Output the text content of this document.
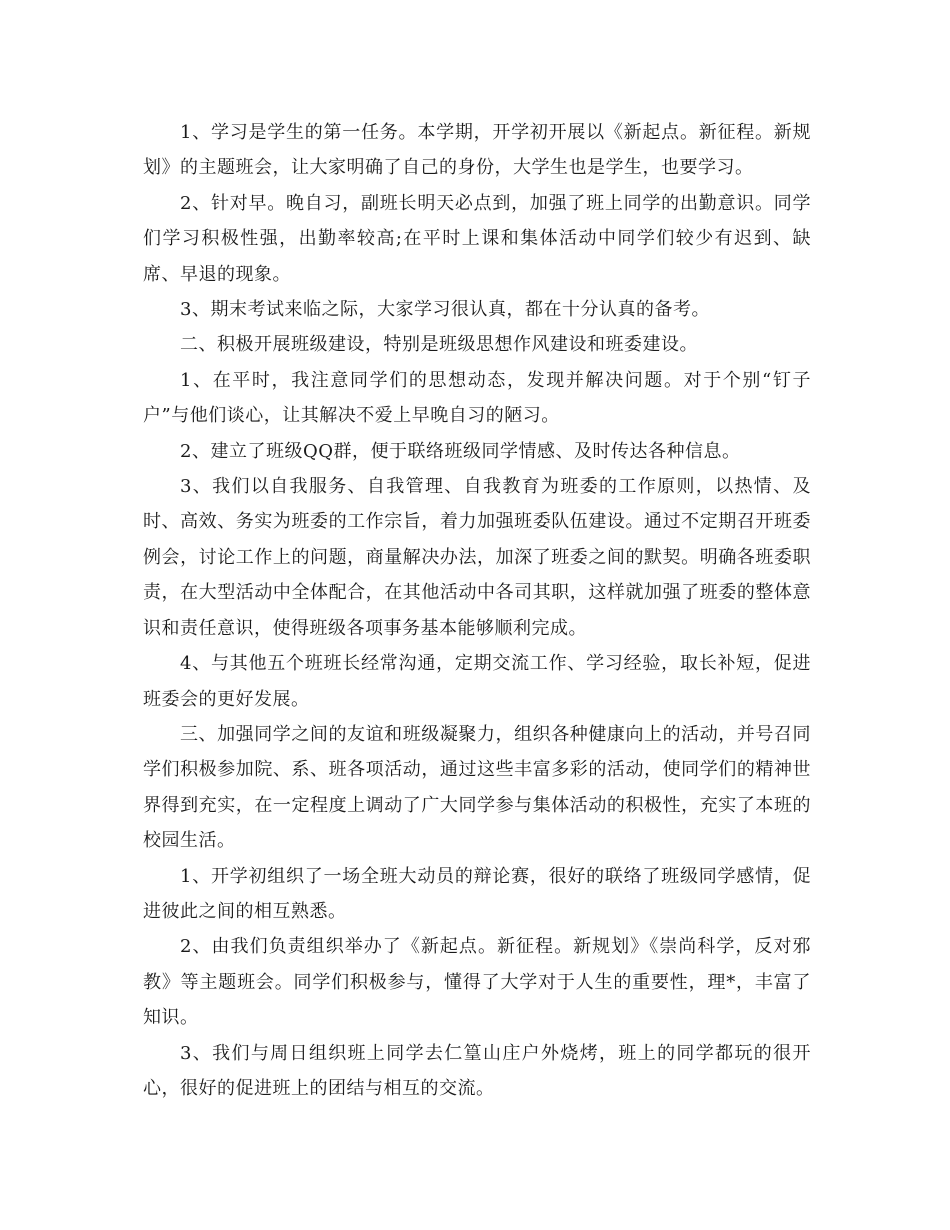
1、学习是学生的第一任务。本学期，开学初开展以《新起点。新征程。新规划》的主题班会，让大家明确了自己的身份，大学生也是学生，也要学习。

2、针对早。晚自习，副班长明天必点到，加强了班上同学的出勤意识。同学们学习积极性强，出勤率较高;在平时上课和集体活动中同学们较少有迟到、缺席、早退的现象。

3、期末考试来临之际，大家学习很认真，都在十分认真的备考。

二、积极开展班级建设，特别是班级思想作风建设和班委建设。

1、在平时，我注意同学们的思想动态，发现并解决问题。对于个别“钉子户”与他们谈心，让其解决不爱上早晚自习的陋习。

2、建立了班级QQ群，便于联络班级同学情感、及时传达各种信息。

3、我们以自我服务、自我管理、自我教育为班委的工作原则，以热情、及时、高效、务实为班委的工作宗旨，着力加强班委队伍建设。通过不定期召开班委例会，讨论工作上的问题，商量解决办法，加深了班委之间的默契。明确各班委职责，在大型活动中全体配合，在其他活动中各司其职，这样就加强了班委的整体意识和责任意识，使得班级各项事务基本能够顺利完成。

4、与其他五个班班长经常沟通，定期交流工作、学习经验，取长补短，促进班委会的更好发展。

三、加强同学之间的友谊和班级凝聚力，组织各种健康向上的活动，并号召同学们积极参加院、系、班各项活动，通过这些丰富多彩的活动，使同学们的精神世界得到充实，在一定程度上调动了广大同学参与集体活动的积极性，充实了本班的校园生活。

1、开学初组织了一场全班大动员的辩论赛，很好的联络了班级同学感情，促进彼此之间的相互熟悉。

2、由我们负责组织举办了《新起点。新征程。新规划》《崇尚科学，反对邪教》等主题班会。同学们积极参与，懂得了大学对于人生的重要性，理*，丰富了知识。

3、我们与周日组织班上同学去仁篁山庄户外烧烤，班上的同学都玩的很开心，很好的促进班上的团结与相互的交流。
